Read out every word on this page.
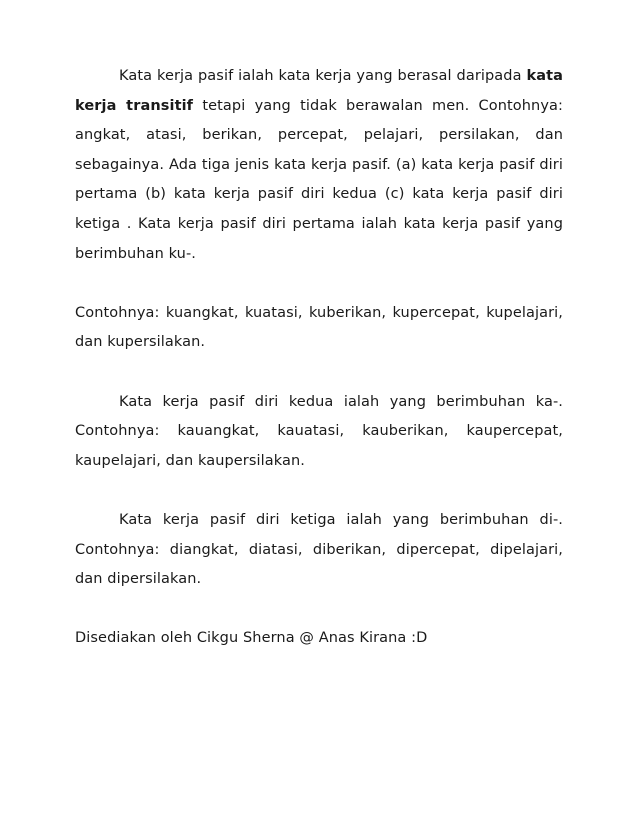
Kata kerja pasif ialah kata kerja yang berasal daripada kata kerja transitif tetapi yang tidak berawalan men. Contohnya: angkat, atasi, berikan, percepat, pelajari, persilakan, dan sebagainya. Ada tiga jenis kata kerja pasif. (a) kata kerja pasif diri pertama (b) kata kerja pasif diri kedua (c) kata kerja pasif diri ketiga . Kata kerja pasif diri pertama ialah kata kerja pasif yang berimbuhan ku-.

Contohnya: kuangkat, kuatasi, kuberikan, kupercepat, kupelajari, dan kupersilakan.

Kata kerja pasif diri kedua ialah yang berimbuhan ka-. Contohnya: kauangkat, kauatasi, kauberikan, kaupercepat, kaupelajari, dan kaupersilakan.

Kata kerja pasif diri ketiga ialah yang berimbuhan di-. Contohnya: diangkat, diatasi, diberikan, dipercepat, dipelajari, dan dipersilakan.

Disediakan oleh Cikgu Sherna @ Anas Kirana :D
